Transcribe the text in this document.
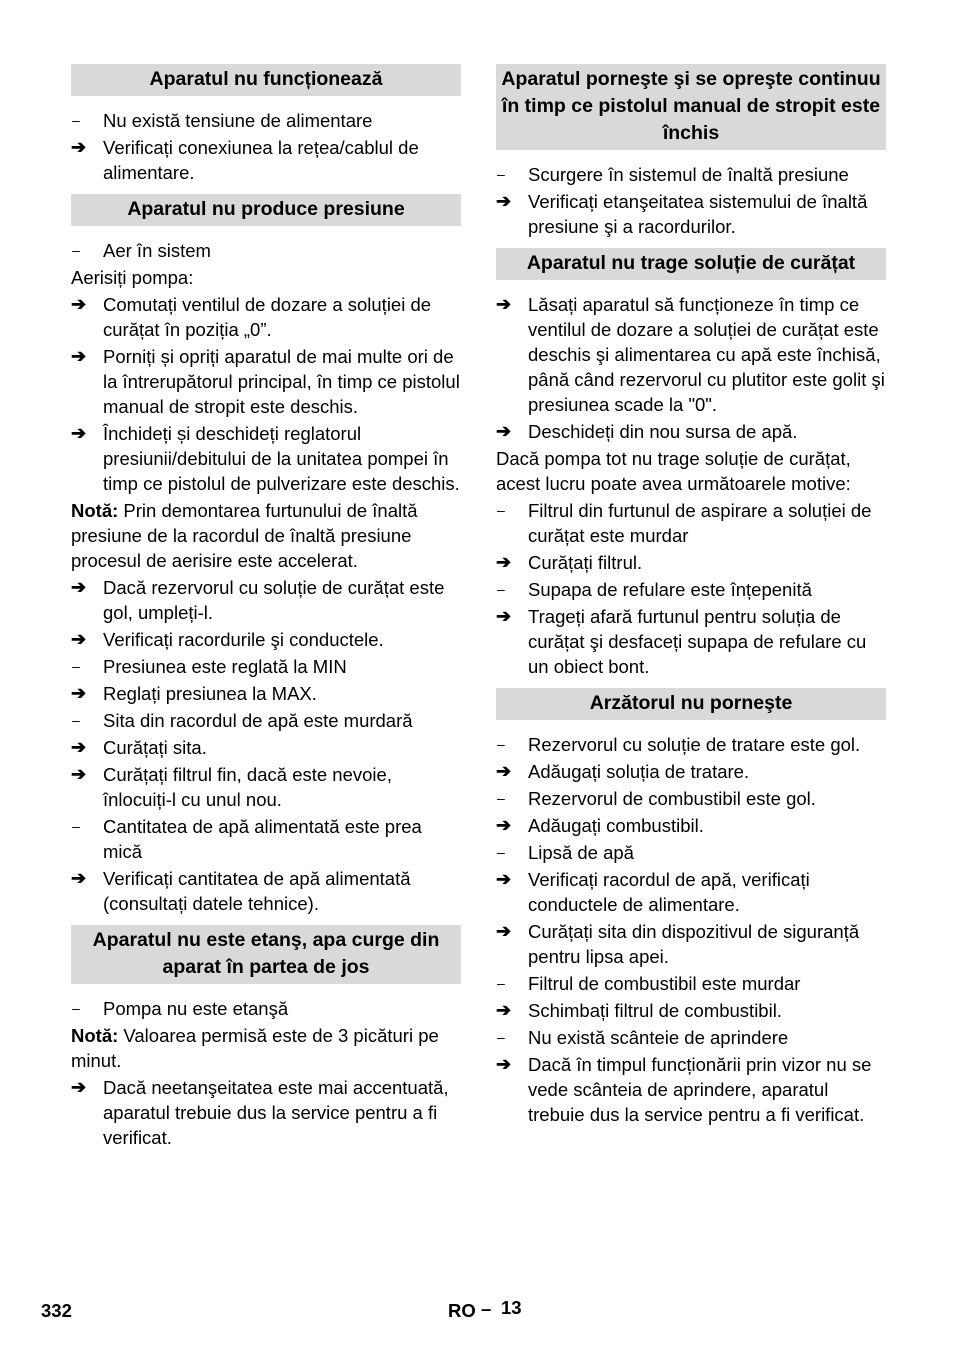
Aparatul nu funcționează
–	Nu există tensiune de alimentare
➔ Verificați conexiunea la rețea/cablul de alimentare.
Aparatul nu produce presiune
–	Aer în sistem
Aerisiți pompa:
➔ Comutați ventilul de dozare a soluției de curățat în poziția „0”.
➔ Porniți și opriți aparatul de mai multe ori de la întrerupătorul principal, în timp ce pistolul manual de stropit este deschis.
➔ Închideți și deschideți reglatorul presiunii/debitului de la unitatea pompei în timp ce pistolul de pulverizare este deschis.
Notă: Prin demontarea furtunului de înaltă presiune de la racordul de înaltă presiune procesul de aerisire este accelerat.
➔ Dacă rezervorul cu soluție de curățat este gol, umpleți-l.
➔ Verificați racordurile şi conductele.
–	Presiunea este reglată la MIN
➔ Reglați presiunea la MAX.
–	Sita din racordul de apă este murdară
➔ Curățați sita.
➔ Curățați filtrul fin, dacă este nevoie, înlocuiți-l cu unul nou.
–	Cantitatea de apă alimentată este prea mică
➔ Verificați cantitatea de apă alimentată (consultați datele tehnice).
Aparatul nu este etanş, apa curge din aparat în partea de jos
–	Pompa nu este etanşă
Notă: Valoarea permisă este de 3 picături pe minut.
➔ Dacă neetanşeitatea este mai accentuată, aparatul trebuie dus la service pentru a fi verificat.
Aparatul porneşte şi se opreşte continuu în timp ce pistolul manual de stropit este închis
–	Scurgere în sistemul de înaltă presiune
➔ Verificați etanşeitatea sistemului de înaltă presiune şi a racordurilor.
Aparatul nu trage soluție de curățat
➔ Lăsați aparatul să funcționeze în timp ce ventilul de dozare a soluției de curățat este deschis şi alimentarea cu apă este închisă, până când rezervorul cu plutitor este golit şi presiunea scade la "0".
➔ Deschideți din nou sursa de apă.
Dacă pompa tot nu trage soluție de curățat, acest lucru poate avea următoarele motive:
–	Filtrul din furtunul de aspirare a soluției de curățat este murdar
➔ Curățați filtrul.
–	Supapa de refulare este înțepenită
➔ Trageți afară furtunul pentru soluția de curățat şi desfaceți supapa de refulare cu un obiect bont.
Arzătorul nu porneşte
–	Rezervorul cu soluție de tratare este gol.
➔ Adăugați soluția de tratare.
–	Rezervorul de combustibil este gol.
➔ Adăugați combustibil.
–	Lipsă de apă
➔ Verificați racordul de apă, verificați conductele de alimentare.
➔ Curățați sita din dispozitivul de siguranță pentru lipsa apei.
–	Filtrul de combustibil este murdar
➔ Schimbați filtrul de combustibil.
–	Nu există scânteie de aprindere
➔ Dacă în timpul funcționării prin vizor nu se vede scânteia de aprindere, aparatul trebuie dus la service pentru a fi verificat.
332	RO – 13
